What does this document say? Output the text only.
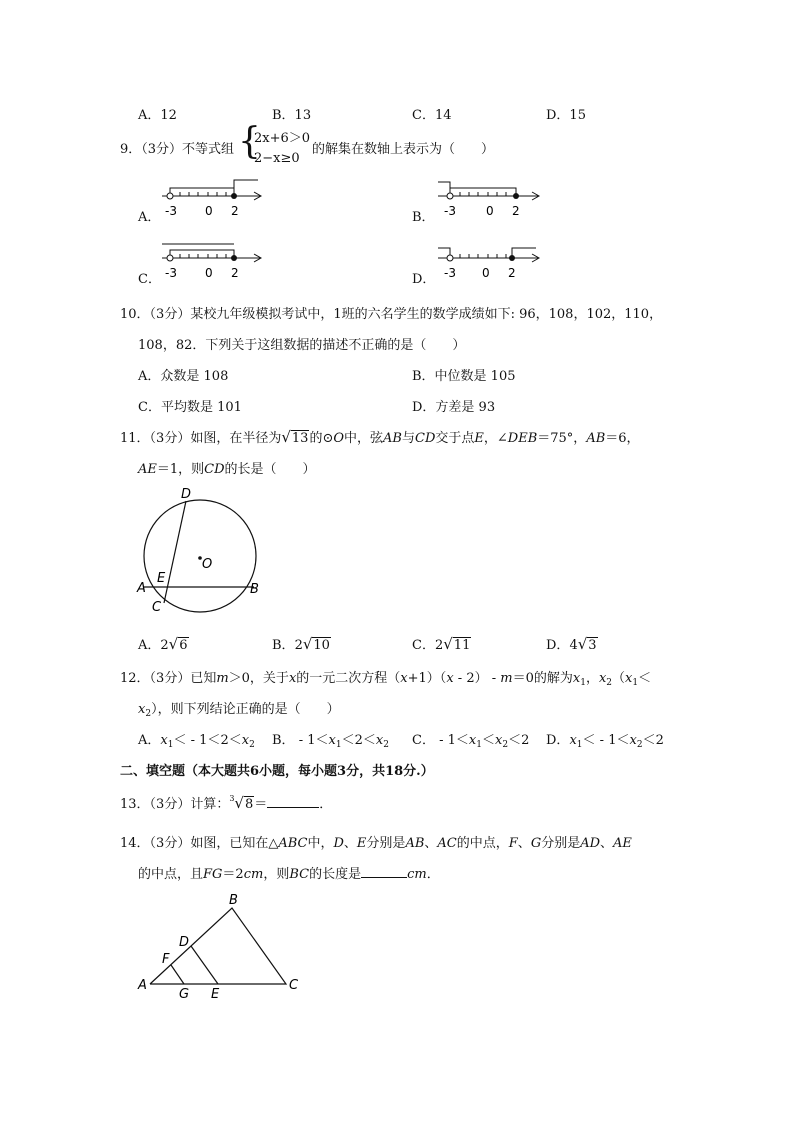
A．12	B．13	C．14	D．15
9．（3分）不等式组 {
2x+6＞0
2−x≥0
的解集在数轴上表示为（　　）
A．	B．
C．	D．
-3 0 2	-3	0 2
-3 0 2	-3 0 2
10．（3分）某校九年级模拟考试中，1班的六名学生的数学成绩如下: 96，108，102，110，
108，82．下列关于这组数据的描述不正确的是（　　）
A．众数是 108	B．中位数是 105
C．平均数是 101	D．方差是 93
11．（3分）如图，在半径为√13的⊙O中，弦AB与CD交于点E，∠DEB＝75°，AB＝6，
AE＝1，则CD的长是（　　）
D
O
A
E
B
C
A．2√6	B．2√10	C．2√11	D．4√3
12．（3分）已知m＞0，关于x的一元二次方程（x+1）（x - 2） - m＝0的解为$x_1$，$x_2(x_1<$
$x_2$），则下列结论正确的是（　　）
A．$x_1< - 1<2<x_2$ B． - $1<x_1<2<x_2$ C． - $1<x_1<x_2<2$ D．$x_1< - 1<x_2<2$
二、填空题（本大题共6小题，每小题3分，共18分.）
13．（3分）计算：$^3$√8＝	．
14．（3分）如图，已知在△ABC中，D、E分别是AB、AC的中点，F、G分别是AD、AE
的中点，且FG＝2cm，则BC的长度是	cm．
B
D
F
A
G E
C
